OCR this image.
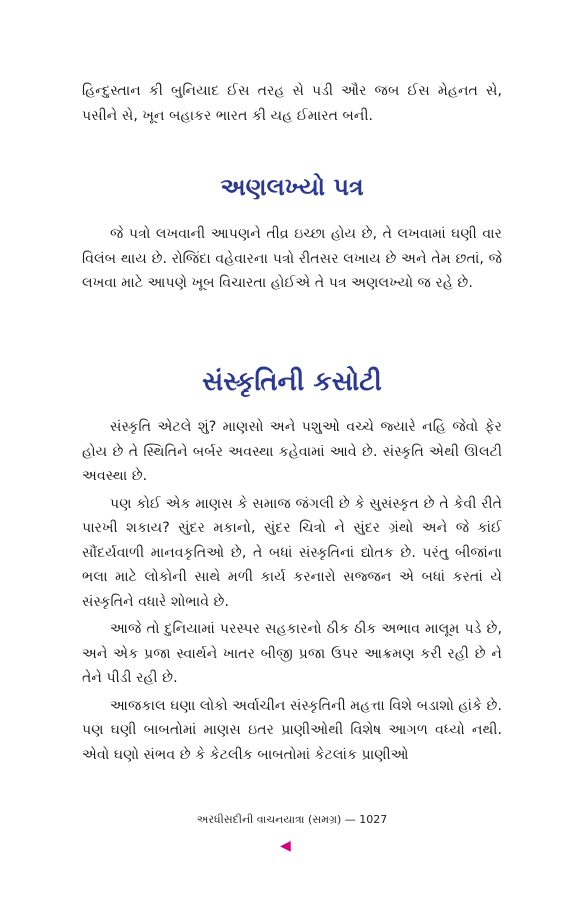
હિન્દુસ્તાન કી બુનિયાદ ઈસ તરહ સે પડી ઔર જબ ઈસ મેહનત સે, પસીને સે, ખૂન બહાકર ભારત કી યહ ઈમારત બની.

અણલખ્યો પત્ર

જે પત્રો લખવાની આપણને તીવ્ર ઇચ્છા હોય છે, તે લખવામાં ઘણી વાર વિલંબ થાય છે. રોજિંદા વહેવારના પત્રો રીતસર લખાય છે અને તેમ છતાં, જે લખવા માટે આપણે ખૂબ વિચારતા હોઈએ તે પત્ર અણલખ્યો જ રહે છે.

સંસ્કૃતિની કસોટી

સંસ્કૃતિ એટલે શું? માણસો અને પશુઓ વચ્ચે જ્યારે નહિ જેવો ફેર હોય છે તે સ્થિતિને બર્બર અવસ્થા કહેવામાં આવે છે. સંસ્કૃતિ એથી ઊલટી અવસ્થા છે.

પણ કોઈ એક માણસ કે સમાજ જંગલી છે કે સુસંસ્કૃત છે તે કેવી રીતે પારખી શકાય? સુંદર મકાનો, સુંદર ચિત્રો ને સુંદર ગ્રંથો અને જે કાંઈ સૌંદર્યવાળી માનવકૃતિઓ છે, તે બધાં સંસ્કૃતિનાં દ્યોતક છે. પરંતુ બીજાંના ભલા માટે લોકોની સાથે મળી કાર્ય કરનારો સજ્જન એ બધાં કરતાં યે સંસ્કૃતિને વધારે શોભાવે છે.

આજે તો દુનિયામાં પરસ્પર સહકારનો ઠીક ઠીક અભાવ માલૂમ પડે છે, અને એક પ્રજા સ્વાર્થને ખાતર બીજી પ્રજા ઉપર આક્રમણ કરી રહી છે ને તેને પીડી રહી છે.

આજકાલ ઘણા લોકો અર્વાચીન સંસ્કૃતિની મહત્તા વિશે બડાશો હાંકે છે. પણ ઘણી બાબતોમાં માણસ ઇતર પ્રાણીઓથી વિશેષ આગળ વધ્યો નથી. એવો ઘણો સંભવ છે કે કેટલીક બાબતોમાં કેટલાંક પ્રાણીઓ

અરધીસદીની વાચનયાત્રા (સમગ્ર) — 1027
◀
